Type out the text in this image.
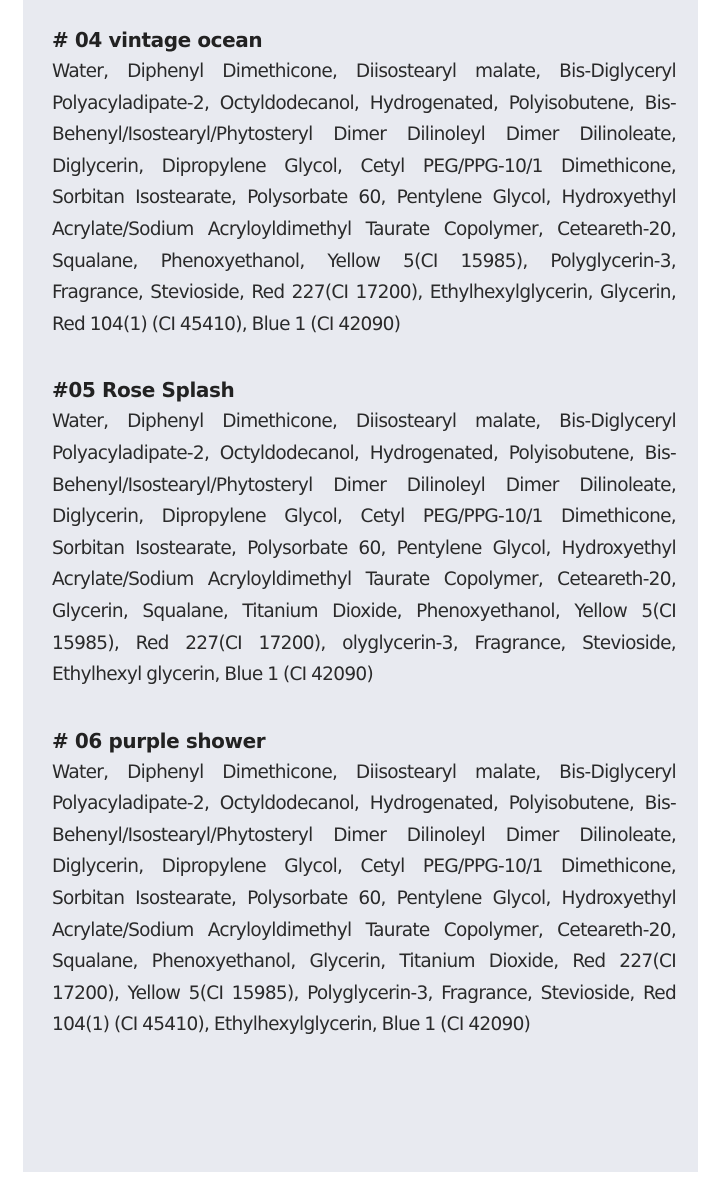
# 04 vintage ocean

Water, Diphenyl Dimethicone, Diisostearyl malate, Bis-Diglyceryl Polyacyladipate-2, Octyldodecanol, Hydrogenated, Polyisobutene, Bis-Behenyl/Isostearyl/Phytosteryl Dimer Dilinoleyl Dimer Dilinoleate, Diglycerin, Dipropylene Glycol, Cetyl PEG/PPG-10/1 Dimethicone, Sorbitan Isostearate, Polysorbate 60, Pentylene Glycol, Hydroxyethyl Acrylate/Sodium Acryloyldimethyl Taurate Copolymer, Ceteareth-20, Squalane, Phenoxyethanol, Yellow 5(CI 15985), Polyglycerin-3, Fragrance, Stevioside, Red 227(CI 17200), Ethylhexylglycerin, Glycerin, Red 104(1) (CI 45410), Blue 1 (CI 42090)

#05 Rose Splash

Water, Diphenyl Dimethicone, Diisostearyl malate, Bis-Diglyceryl Polyacyladipate-2, Octyldodecanol, Hydrogenated, Polyisobutene, Bis-Behenyl/Isostearyl/Phytosteryl Dimer Dilinoleyl Dimer Dilinoleate, Diglycerin, Dipropylene Glycol, Cetyl PEG/PPG-10/1 Dimethicone, Sorbitan Isostearate, Polysorbate 60, Pentylene Glycol, Hydroxyethyl Acrylate/Sodium Acryloyldimethyl Taurate Copolymer, Ceteareth-20, Glycerin, Squalane, Titanium Dioxide, Phenoxyethanol, Yellow 5(CI 15985), Red 227(CI 17200), olyglycerin-3, Fragrance, Stevioside, Ethylhexyl glycerin, Blue 1 (CI 42090)

# 06 purple shower

Water, Diphenyl Dimethicone, Diisostearyl malate, Bis-Diglyceryl Polyacyladipate-2, Octyldodecanol, Hydrogenated, Polyisobutene, Bis-Behenyl/Isostearyl/Phytosteryl Dimer Dilinoleyl Dimer Dilinoleate, Diglycerin, Dipropylene Glycol, Cetyl PEG/PPG-10/1 Dimethicone, Sorbitan Isostearate, Polysorbate 60, Pentylene Glycol, Hydroxyethyl Acrylate/Sodium Acryloyldimethyl Taurate Copolymer, Ceteareth-20, Squalane, Phenoxyethanol, Glycerin, Titanium Dioxide, Red 227(CI 17200), Yellow 5(CI 15985), Polyglycerin-3, Fragrance, Stevioside, Red 104(1) (CI 45410), Ethylhexylglycerin, Blue 1 (CI 42090)
